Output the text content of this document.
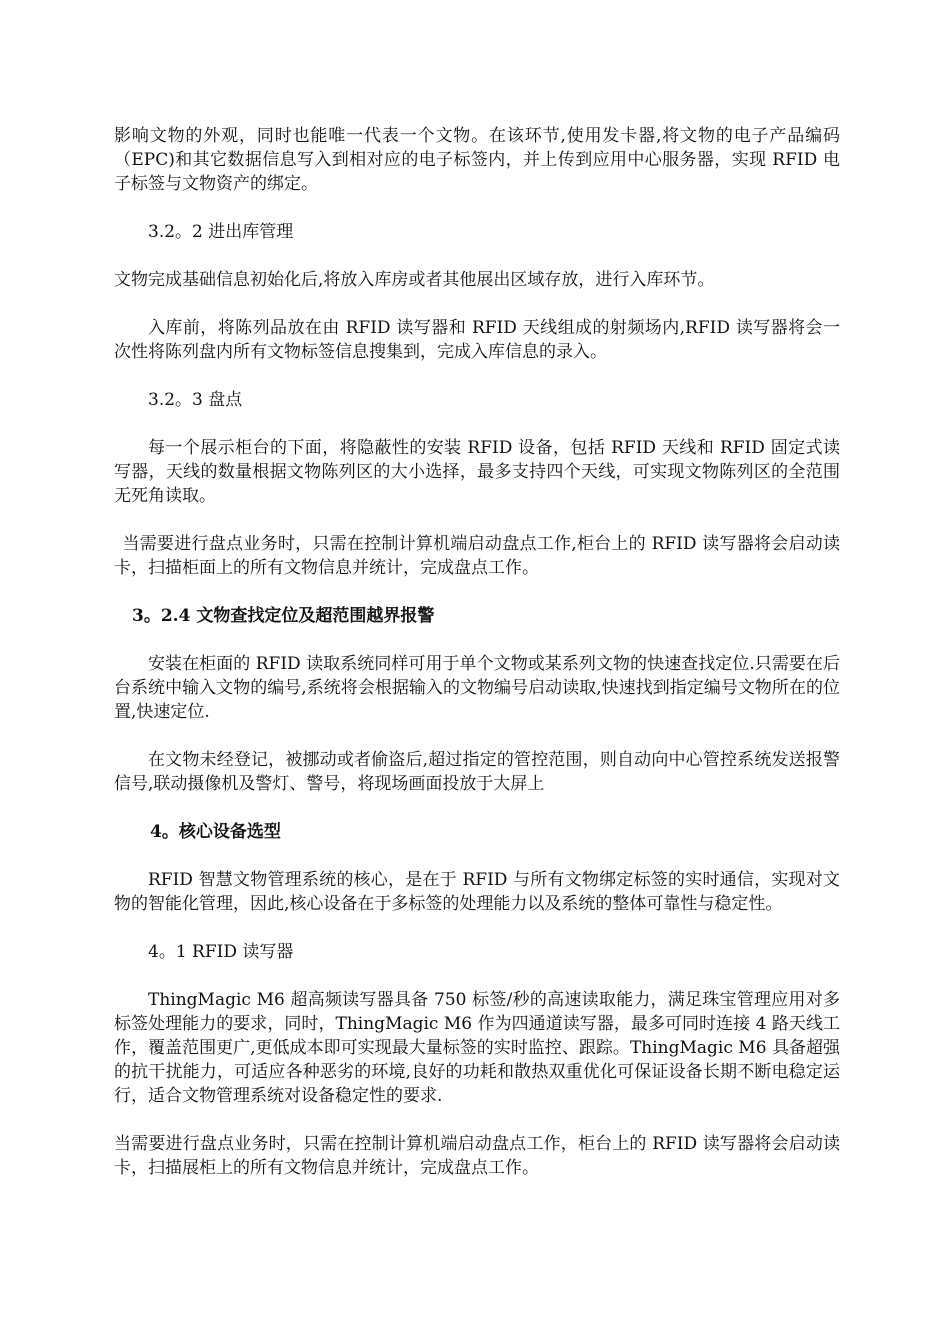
影响文物的外观，同时也能唯一代表一个文物。在该环节,使用发卡器,将文物的电子产品编码（EPC)和其它数据信息写入到相对应的电子标签内，并上传到应用中心服务器，实现 RFID 电子标签与文物资产的绑定。

3.2。2 进出库管理

文物完成基础信息初始化后,将放入库房或者其他展出区域存放，进行入库环节。

入库前，将陈列品放在由 RFID 读写器和 RFID 天线组成的射频场内,RFID 读写器将会一次性将陈列盘内所有文物标签信息搜集到，完成入库信息的录入。

3.2。3 盘点

每一个展示柜台的下面，将隐蔽性的安装 RFID 设备，包括 RFID 天线和 RFID 固定式读写器，天线的数量根据文物陈列区的大小选择，最多支持四个天线，可实现文物陈列区的全范围无死角读取。

当需要进行盘点业务时，只需在控制计算机端启动盘点工作,柜台上的 RFID 读写器将会启动读卡，扫描柜面上的所有文物信息并统计，完成盘点工作。

3。2.4 文物查找定位及超范围越界报警

安装在柜面的 RFID 读取系统同样可用于单个文物或某系列文物的快速查找定位.只需要在后台系统中输入文物的编号,系统将会根据输入的文物编号启动读取,快速找到指定编号文物所在的位置,快速定位.

在文物未经登记，被挪动或者偷盗后,超过指定的管控范围，则自动向中心管控系统发送报警信号,联动摄像机及警灯、警号，将现场画面投放于大屏上

4。核心设备选型

RFID 智慧文物管理系统的核心，是在于 RFID 与所有文物绑定标签的实时通信，实现对文物的智能化管理，因此,核心设备在于多标签的处理能力以及系统的整体可靠性与稳定性。

4。1 RFID 读写器

ThingMagic M6 超高频读写器具备 750 标签/秒的高速读取能力，满足珠宝管理应用对多标签处理能力的要求，同时，ThingMagic M6 作为四通道读写器，最多可同时连接 4 路天线工作，覆盖范围更广,更低成本即可实现最大量标签的实时监控、跟踪。ThingMagic M6 具备超强的抗干扰能力，可适应各种恶劣的环境,良好的功耗和散热双重优化可保证设备长期不断电稳定运行，适合文物管理系统对设备稳定性的要求.

当需要进行盘点业务时，只需在控制计算机端启动盘点工作，柜台上的 RFID 读写器将会启动读卡，扫描展柜上的所有文物信息并统计，完成盘点工作。
